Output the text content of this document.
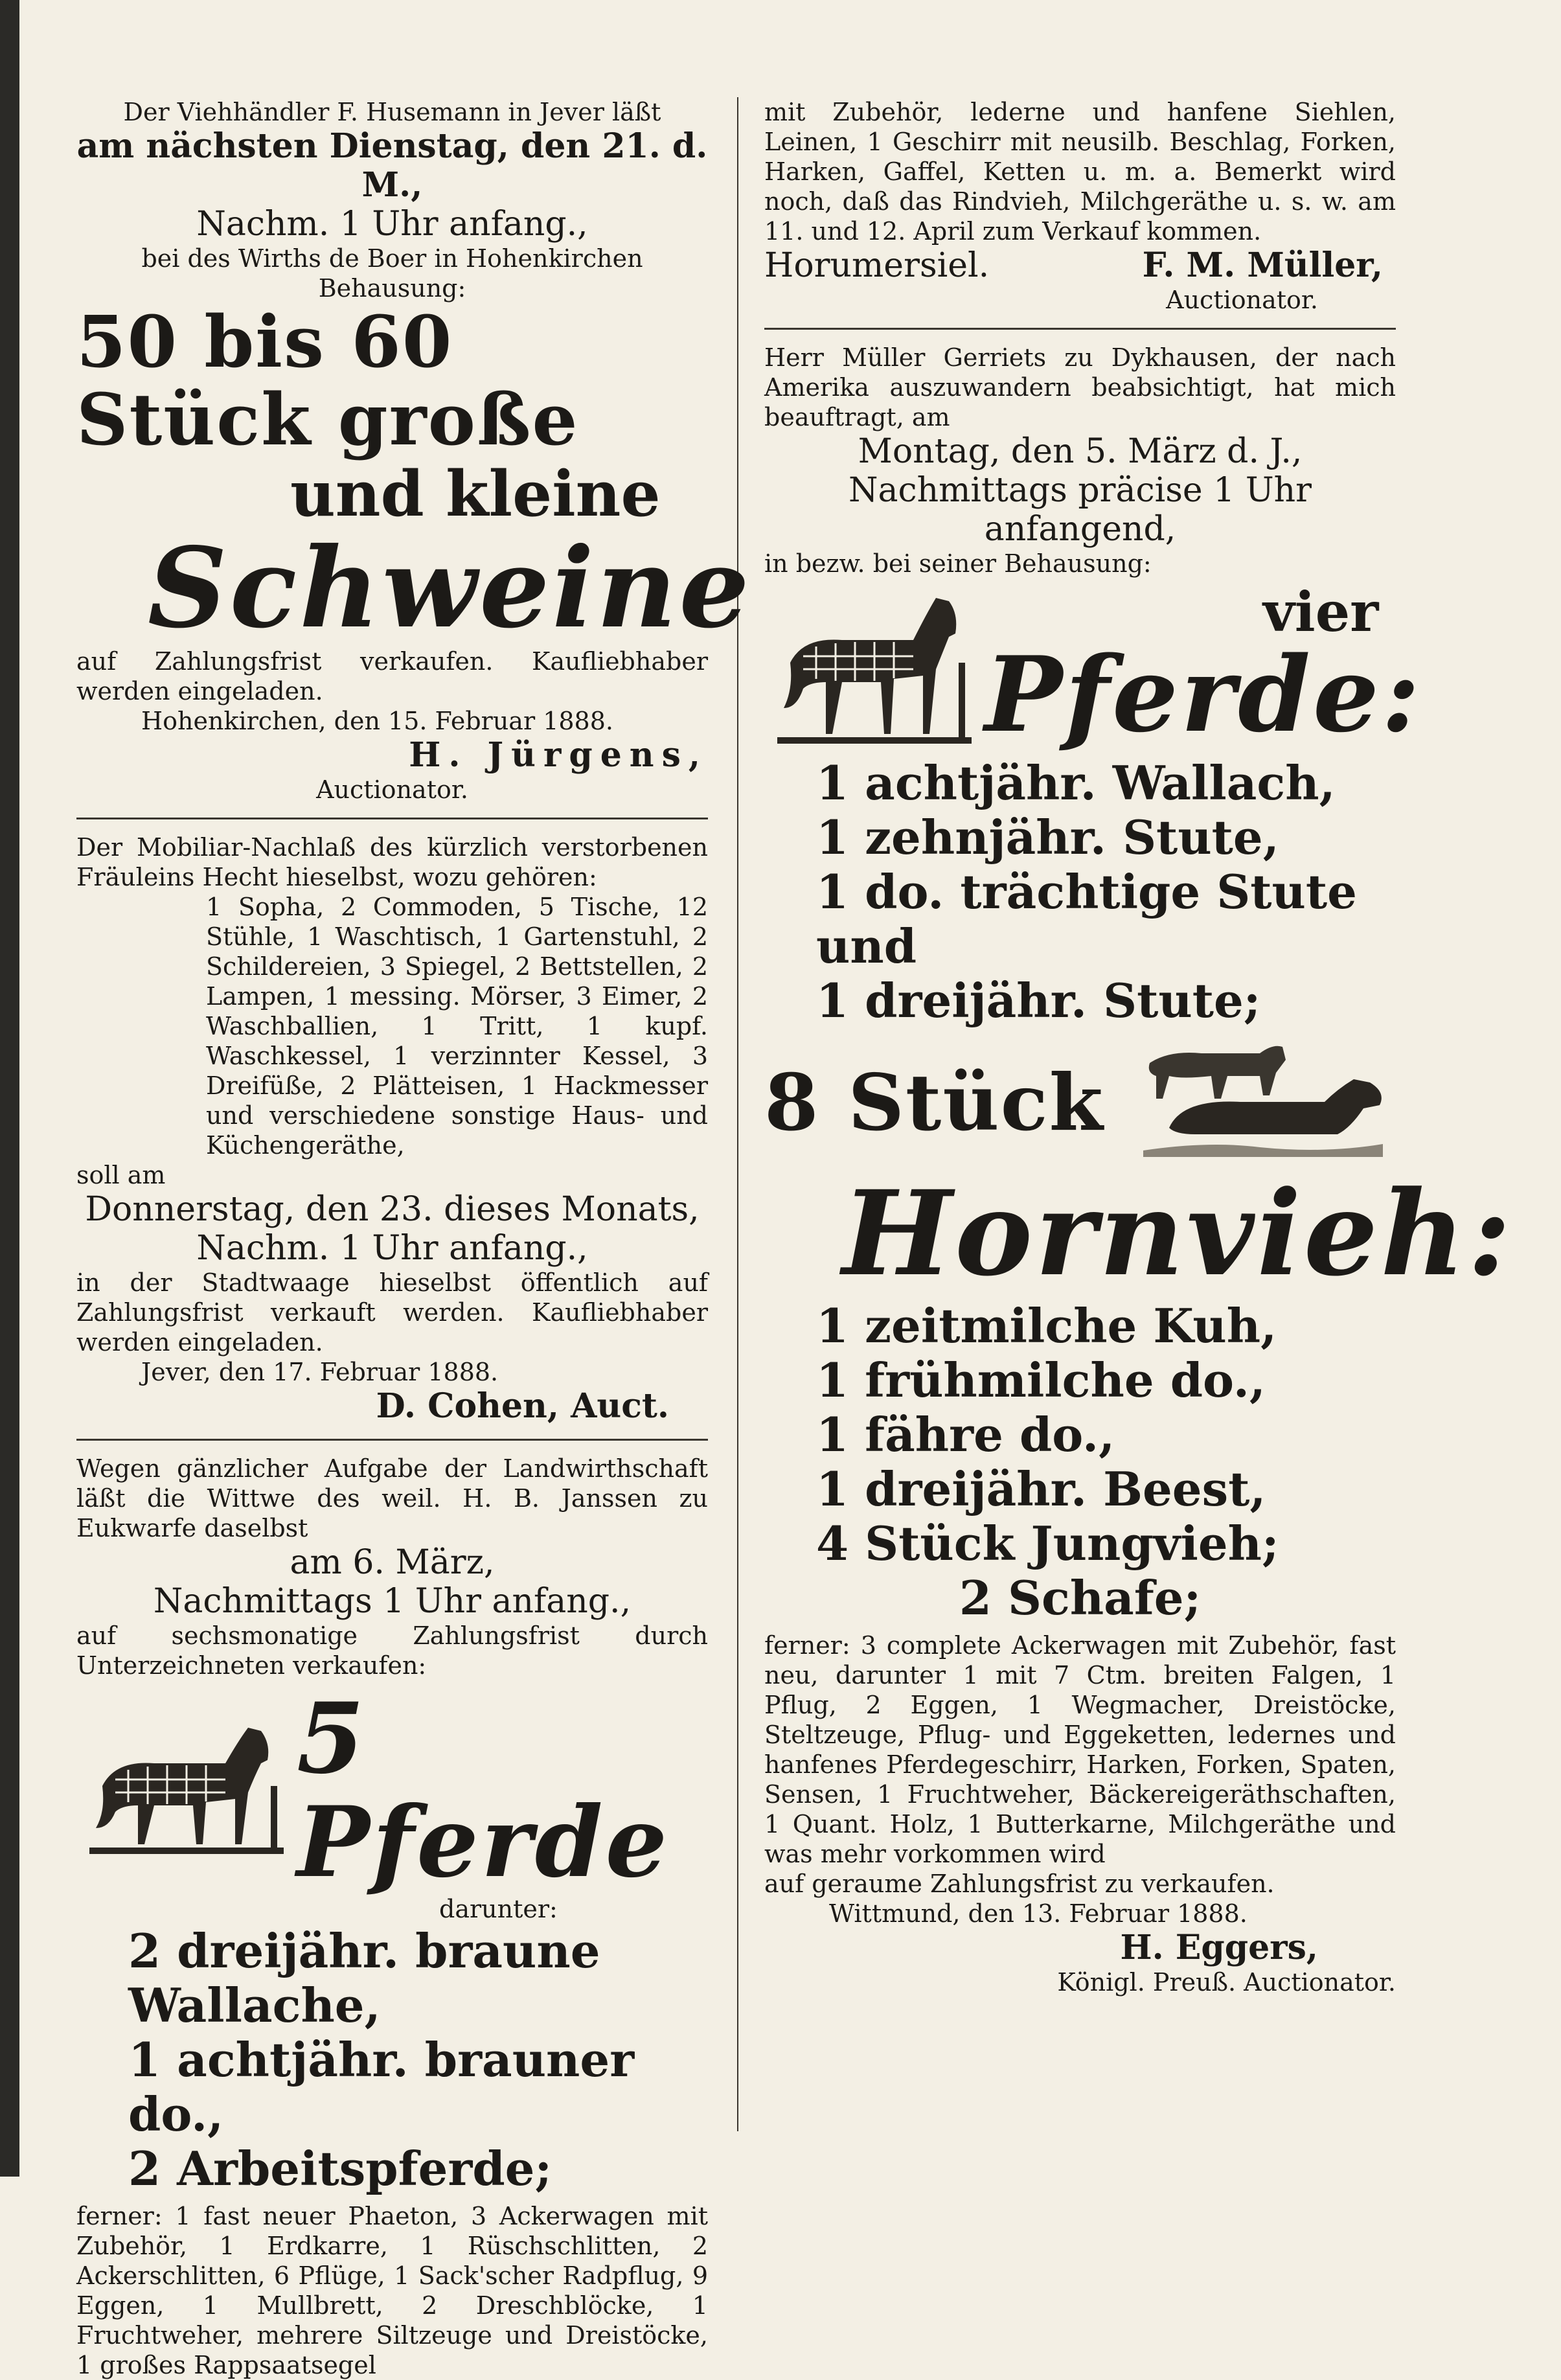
Der Viehhändler F. Husemann in Jever läßt

am nächsten Dienstag, den 21. d. M.,

Nachm. 1 Uhr anfang.,

bei des Wirths de Boer in Hohenkirchen Behausung:

50 bis 60 Stück große

und kleine

Schweine

auf Zahlungsfrist verkaufen. Kaufliebhaber werden eingeladen.

Hohenkirchen, den 15. Februar 1888.

H. Jürgens,

Auctionator.

Der Mobiliar-Nachlaß des kürzlich verstorbenen Fräuleins Hecht hieselbst, wozu gehören:

1 Sopha, 2 Commoden, 5 Tische, 12 Stühle, 1 Waschtisch, 1 Gartenstuhl, 2 Schildereien, 3 Spiegel, 2 Bettstellen, 2 Lampen, 1 messing. Mörser, 3 Eimer, 2 Waschballien, 1 Tritt, 1 kupf. Waschkessel, 1 verzinnter Kessel, 3 Dreifüße, 2 Plätteisen, 1 Hackmesser und verschiedene sonstige Haus- und Küchengeräthe,

soll am

Donnerstag, den 23. dieses Monats,

Nachm. 1 Uhr anfang.,

in der Stadtwaage hieselbst öffentlich auf Zahlungsfrist verkauft werden. Kaufliebhaber werden eingeladen.

Jever, den 17. Februar 1888.

D. Cohen, Auct.

Wegen gänzlicher Aufgabe der Landwirthschaft läßt die Wittwe des weil. H. B. Janssen zu Eukwarfe daselbst

am 6. März,

Nachmittags 1 Uhr anfang.,

auf sechsmonatige Zahlungsfrist durch Unterzeichneten verkaufen:

5 Pferde

darunter:

2 dreijähr. braune Wallache,

1 achtjähr. brauner do.,

2 Arbeitspferde;

ferner: 1 fast neuer Phaeton, 3 Ackerwagen mit Zubehör, 1 Erdkarre, 1 Rüschschlitten, 2 Ackerschlitten, 6 Pflüge, 1 Sack'scher Radpflug, 9 Eggen, 1 Mullbrett, 2 Dreschblöcke, 1 Fruchtweher, mehrere Siltzeuge und Dreistöcke, 1 großes Rappsaatsegel

mit Zubehör, lederne und hanfene Siehlen, Leinen, 1 Geschirr mit neusilb. Beschlag, Forken, Harken, Gaffel, Ketten u. m. a. Bemerkt wird noch, daß das Rindvieh, Milchgeräthe u. s. w. am 11. und 12. April zum Verkauf kommen.

Horumersiel.	F. M. Müller,

Auctionator.

Herr Müller Gerriets zu Dykhausen, der nach Amerika auszuwandern beabsichtigt, hat mich beauftragt, am

Montag, den 5. März d. J.,

Nachmittags präcise 1 Uhr anfangend,

in bezw. bei seiner Behausung:

vier

Pferde:

1 achtjähr. Wallach,

1 zehnjähr. Stute,

1 do. trächtige Stute und

1 dreijähr. Stute;

8 Stück

Hornvieh:

1 zeitmilche Kuh,

1 frühmilche do.,

1 fähre do.,

1 dreijähr. Beest,

4 Stück Jungvieh;

2 Schafe;

ferner: 3 complete Ackerwagen mit Zubehör, fast neu, darunter 1 mit 7 Ctm. breiten Falgen, 1 Pflug, 2 Eggen, 1 Wegmacher, Dreistöcke, Steltzeuge, Pflug- und Eggeketten, ledernes und hanfenes Pferdegeschirr, Harken, Forken, Spaten, Sensen, 1 Fruchtweher, Bäckereigeräthschaften, 1 Quant. Holz, 1 Butterkarne, Milchgeräthe und was mehr vorkommen wird

auf geraume Zahlungsfrist zu verkaufen.

Wittmund, den 13. Februar 1888.

H. Eggers,

Königl. Preuß. Auctionator.
